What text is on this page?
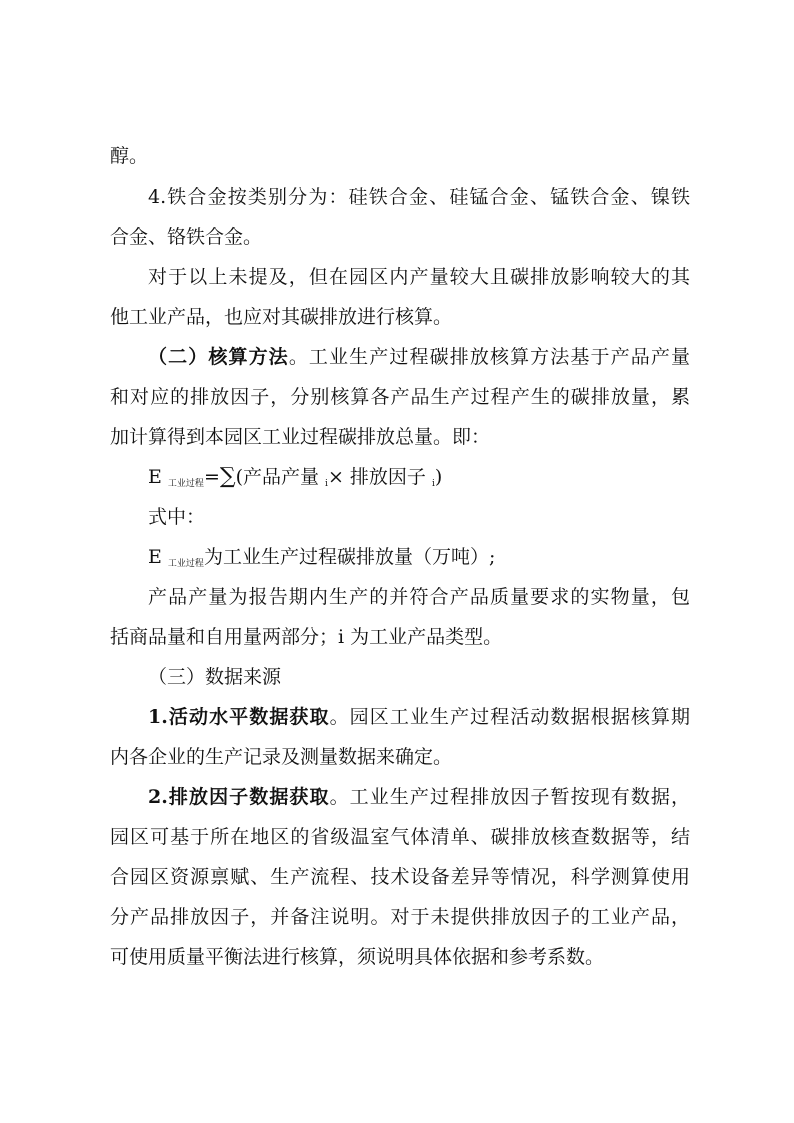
醇。
4.铁合金按类别分为：硅铁合金、硅锰合金、锰铁合金、镍铁
合金、铬铁合金。
对于以上未提及，但在园区内产量较大且碳排放影响较大的其
他工业产品，也应对其碳排放进行核算。
（二）核算方法。工业生产过程碳排放核算方法基于产品产量
和对应的排放因子，分别核算各产品生产过程产生的碳排放量，累
加计算得到本园区工业过程碳排放总量。即：
E $_{工业过程}$=∑(产品产量 $_i$× 排放因子 $_i$)
式中：
E $_{工业过程}$为工业生产过程碳排放量（万吨）;
产品产量为报告期内生产的并符合产品质量要求的实物量，包
括商品量和自用量两部分；i 为工业产品类型。
（三）数据来源
1.活动水平数据获取。园区工业生产过程活动数据根据核算期
内各企业的生产记录及测量数据来确定。
2.排放因子数据获取。工业生产过程排放因子暂按现有数据，
园区可基于所在地区的省级温室气体清单、碳排放核查数据等，结
合园区资源禀赋、生产流程、技术设备差异等情况，科学测算使用
分产品排放因子，并备注说明。对于未提供排放因子的工业产品，
可使用质量平衡法进行核算，须说明具体依据和参考系数。
